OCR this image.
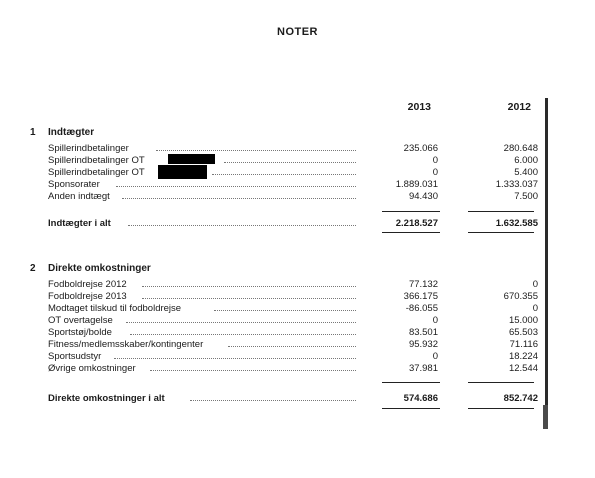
NOTER
2013	2012
1 Indtægter
Spillerindbetalinger	235.066	280.648
Spillerindbetalinger OT	0	6.000
Spillerindbetalinger OT	0	5.400
Sponsorater	1.889.031	1.333.037
Anden indtægt	94.430	7.500
Indtægter i alt	2.218.527	1.632.585
2 Direkte omkostninger
Fodboldrejse 2012	77.132	0
Fodboldrejse 2013	366.175	670.355
Modtaget tilskud til fodboldrejse	-86.055	0
OT overtagelse	0	15.000
Sportstøj/bolde	83.501	65.503
Fitness/medlemsskaber/kontingenter	95.932	71.116
Sportsudstyr	0	18.224
Øvrige omkostninger	37.981	12.544
Direkte omkostninger i alt	574.686	852.742
